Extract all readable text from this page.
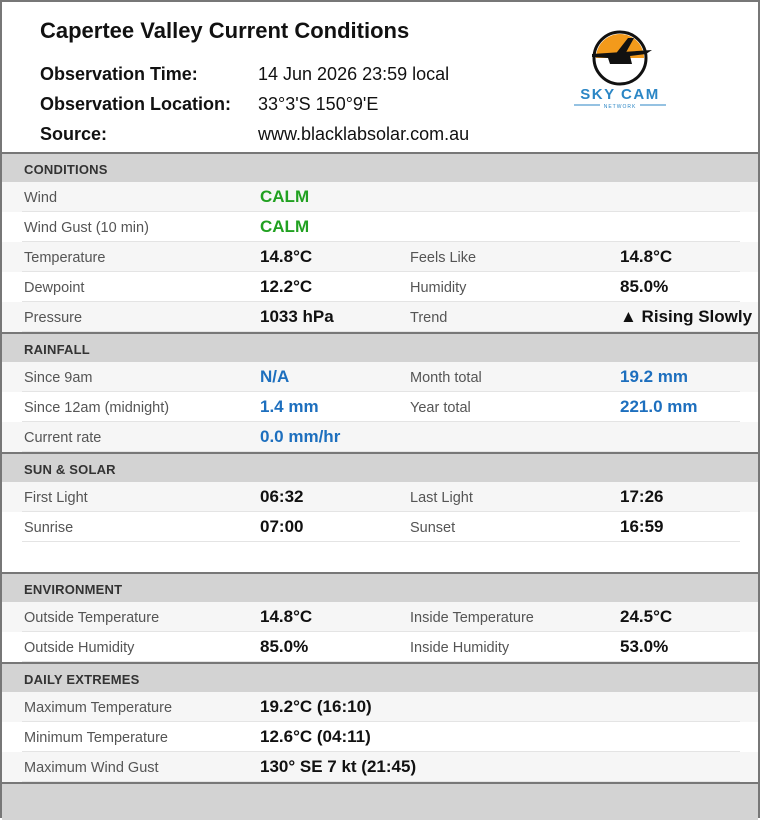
Capertee Valley Current Conditions
Observation Time:	14 Jun 2026 23:59 local
Observation Location: 33°3'S 150°9'E
Source:	www.blacklabsolar.com.au
SKY CAM
NETWORK
CONDITIONS
Wind	CALM
Wind Gust (10 min)	CALM
Temperature	14.8°C	Feels Like	14.8°C
Dewpoint	12.2°C	Humidity	85.0%
Pressure	1033 hPa	Trend	▲ Rising Slowly
RAINFALL
Since 9am	N/A	Month total	19.2 mm
Since 12am (midnight)	1.4 mm	Year total	221.0 mm
Current rate	0.0 mm/hr
SUN & SOLAR
First Light	06:32	Last Light	17:26
Sunrise	07:00	Sunset	16:59
ENVIRONMENT
Outside Temperature	14.8°C	Inside Temperature	24.5°C
Outside Humidity	85.0%	Inside Humidity	53.0%
DAILY EXTREMES
Maximum Temperature	19.2°C (16:10)
Minimum Temperature	12.6°C (04:11)
Maximum Wind Gust	130° SE 7 kt (21:45)
